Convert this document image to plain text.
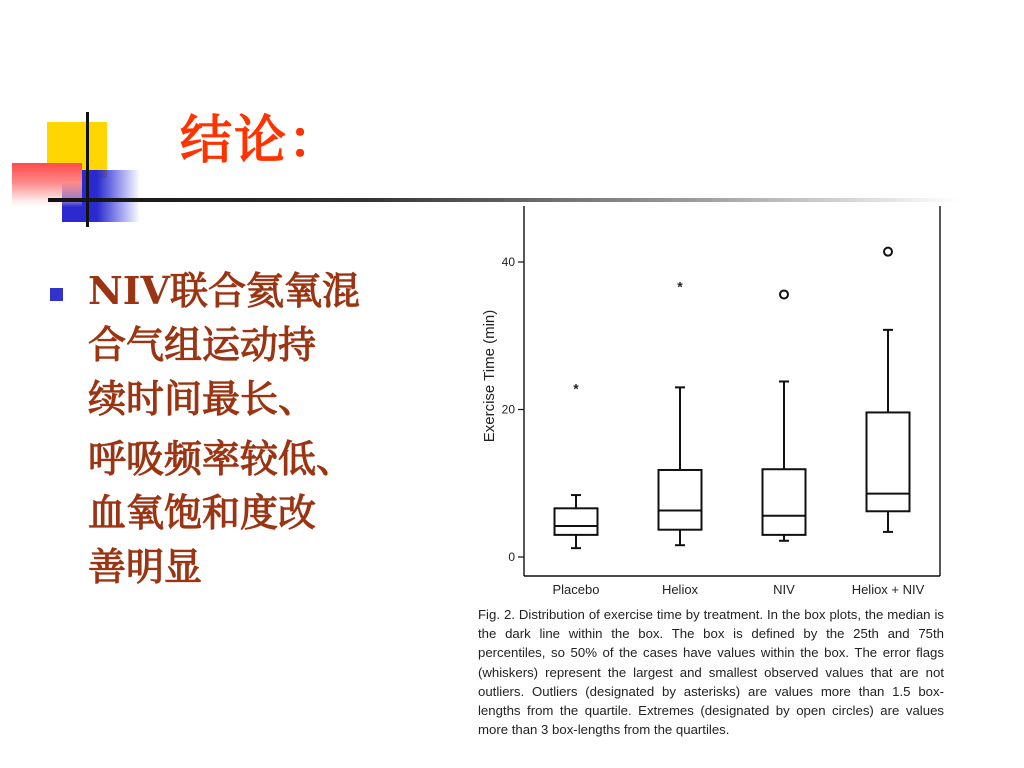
结论：

NIV联合氦氧混

合气组运动持

续时间最长、

呼吸频率较低、

血氧饱和度改

善明显

Exercise Time (min)
0
20
40
*
*
Placebo	Heliox	NIV	Heliox + NIV

Fig. 2. Distribution of exercise time by treatment. In the box plots, the median is the dark line within the box. The box is defined by the 25th and 75th percentiles, so 50% of the cases have values within the box. The error flags (whiskers) represent the largest and smallest observed values that are not outliers. Outliers (designated by asterisks) are values more than 1.5 box-lengths from the quartile. Extremes (designated by open circles) are values more than 3 box-lengths from the quartiles.
